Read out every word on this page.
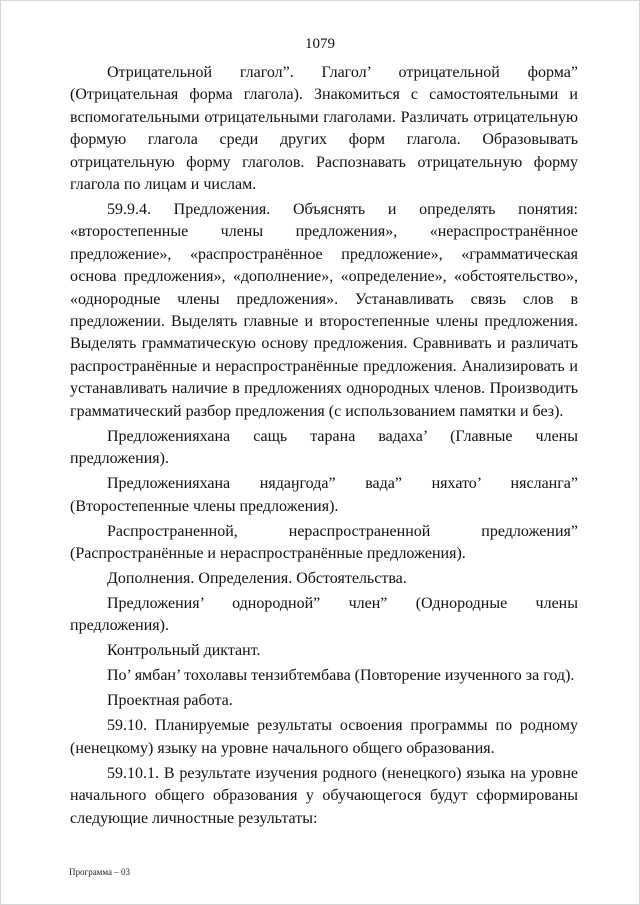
1079

Отрицательной глагол”. Глагол’ отрицательной форма” (Отрицательная форма глагола). Знакомиться с самостоятельными и вспомогательными отрицательными глаголами. Различать отрицательную формую глагола среди других форм глагола. Образовывать отрицательную форму глаголов. Распознавать отрицательную форму глагола по лицам и числам.

59.9.4. Предложения. Объяснять и определять понятия: «второстепенные члены предложения», «нераспространённое предложение», «распространённое предложение», «грамматическая основа предложения», «дополнение», «определение», «обстоятельство», «однородные члены предложения». Устанавливать связь слов в предложении. Выделять главные и второстепенные члены предложения. Выделять грамматическую основу предложения. Сравнивать и различать распространённые и нераспространённые предложения. Анализировать и устанавливать наличие в предложениях однородных членов. Производить грамматический разбор предложения (с использованием памятки и без).

Предложенияхана сащь тарана вадаха’ (Главные члены предложения).

Предложенияхана нядаӈгода” вада” няхато’ нясланга” (Второстепенные члены предложения).

Распространенной, нераспространенной предложения” (Распространённые и нераспространённые предложения).

Дополнения. Определения. Обстоятельства.

Предложения’ однородной” член” (Однородные члены предложения).

Контрольный диктант.

По’ ямбан’ тохолавы тензибтембава (Повторение изученного за год).

Проектная работа.

59.10. Планируемые результаты освоения программы по родному (ненецкому) языку на уровне начального общего образования.

59.10.1. В результате изучения родного (ненецкого) языка на уровне начального общего образования у обучающегося будут сформированы следующие личностные результаты:

Программа – 03
